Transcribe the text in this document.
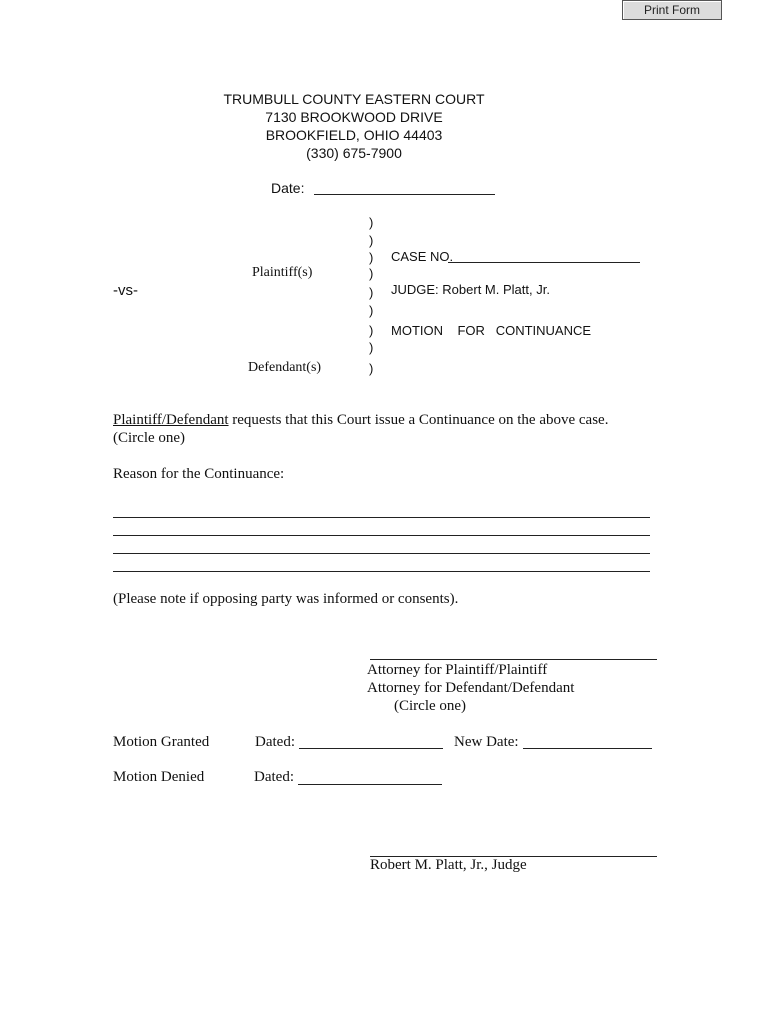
Print Form
TRUMBULL COUNTY EASTERN COURT
7130 BROOKWOOD DRIVE
BROOKFIELD, OHIO 44403
(330) 675-7900
Date:
)
)
)
)
)
)
)
)
)
Plaintiff(s)
-vs-
Defendant(s)
CASE NO.
JUDGE: Robert M. Platt, Jr.
MOTION    FOR   CONTINUANCE
Plaintiff/Defendant requests that this Court issue a Continuance on the above case.
(Circle one)
Reason for the Continuance:
(Please note if opposing party was informed or consents).
Attorney for Plaintiff/Plaintiff
Attorney for Defendant/Defendant
(Circle one)
Motion Granted	Dated:	New Date:
Motion Denied	Dated:
Robert M. Platt, Jr., Judge
